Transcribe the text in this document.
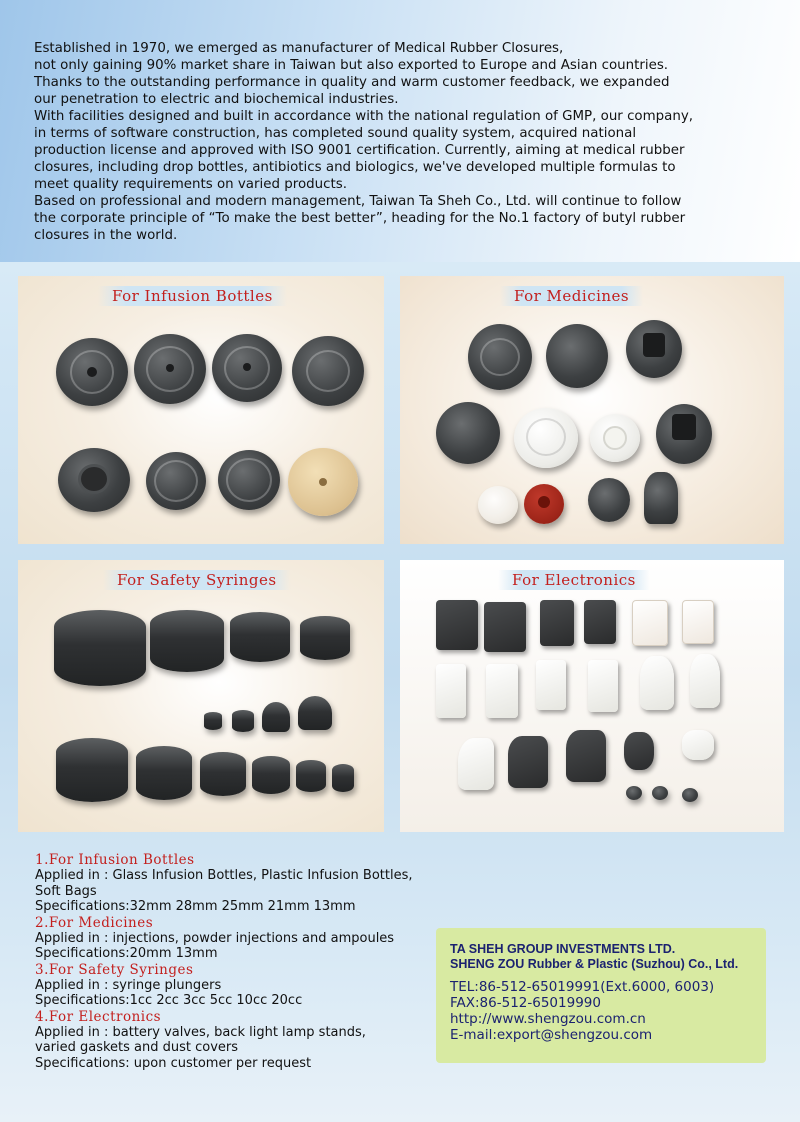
Established in 1970, we emerged as manufacturer of Medical Rubber Closures,
not only gaining 90% market share in Taiwan but also exported to Europe and Asian countries.
Thanks to the outstanding performance in quality and warm customer feedback, we expanded
our penetration to electric and biochemical industries.
With facilities designed and built in accordance with the national regulation of GMP, our company,
in terms of software construction, has completed sound quality system, acquired national
production license and approved with ISO 9001 certification. Currently, aiming at medical rubber
closures, including drop bottles, antibiotics and biologics, we've developed multiple formulas to
meet quality requirements on varied products.
Based on professional and modern management, Taiwan Ta Sheh Co., Ltd. will continue to follow
the corporate principle of “To make the best better”, heading for the No.1 factory of butyl rubber
closures in the world.

For Infusion Bottles	For Medicines
For Safety Syringes	For Electronics
1.For Infusion Bottles
Applied in : Glass Infusion Bottles, Plastic Infusion Bottles, Soft Bags
Specifications:32mm 28mm 25mm 21mm 13mm
2.For Medicines
Applied in : injections, powder injections and ampoules
Specifications:20mm 13mm
3.For Safety Syringes
Applied in : syringe plungers
Specifications:1cc 2cc 3cc 5cc 10cc 20cc
4.For Electronics
Applied in : battery valves, back light lamp stands,
varied gaskets and dust covers
Specifications: upon customer per request
TA SHEH GROUP INVESTMENTS LTD.
SHENG ZOU Rubber & Plastic (Suzhou) Co., Ltd.
TEL:86-512-65019991(Ext.6000, 6003)
FAX:86-512-65019990
http://www.shengzou.com.cn
E-mail:export@shengzou.com
